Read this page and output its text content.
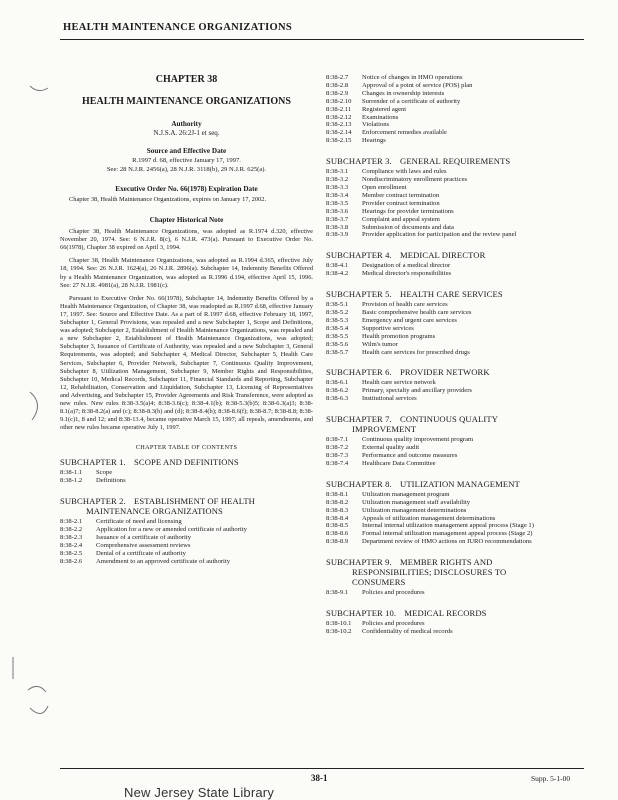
HEALTH MAINTENANCE ORGANIZATIONS
CHAPTER 38
HEALTH MAINTENANCE ORGANIZATIONS
Authority
N.J.S.A. 26:2J-1 et seq.
Source and Effective Date
R.1997 d. 68, effective January 17, 1997.
See: 28 N.J.R. 2456(a), 28 N.J.R. 3118(b), 29 N.J.R. 625(a).
Executive Order No. 66(1978) Expiration Date
Chapter 38, Health Maintenance Organizations, expires on January 17, 2002.
Chapter Historical Note
Chapter 38, Health Maintenance Organizations, was adopted as R.1974 d.320, effective November 20, 1974. See: 6 N.J.R. 8(c), 6 N.J.R. 473(a). Pursuant to Executive Order No. 66(1978), Chapter 38 expired on April 3, 1994.
Chapter 38, Health Maintenance Organizations, was adopted as R.1994 d.365, effective July 18, 1994. See: 26 N.J.R. 1624(a), 26 N.J.R. 2896(a). Subchapter 14, Indemnity Benefits Offered by a Health Maintenance Organization, was adopted as R.1996 d.194, effective April 15, 1996. See: 27 N.J.R. 4981(a), 28 N.J.R. 1981(c).
Pursuant to Executive Order No. 66(1978), Subchapter 14, Indemnity Benefits Offered by a Health Maintenance Organization, of Chapter 38, was readopted as R.1997 d.68, effective January 17, 1997. See: Source and Effective Date. As a part of R.1997 d.68, effective February 18, 1997, Subchapter 1, General Provisions, was repealed and a new Subchapter 1, Scope and Definitions, was adopted; Subchapter 2, Establishment of Health Maintenance Organizations, was repealed and a new Subchapter 2, Establishment of Health Maintenance Organizations, was adopted; Subchapter 3, Issuance of Certificate of Authority, was repealed and a new Subchapter 3, General Requirements, was adopted; and Subchapter 4, Medical Director, Subchapter 5, Health Care Services, Subchapter 6, Provider Network, Subchapter 7, Continuous Quality Improvement, Subchapter 8, Utilization Management, Subchapter 9, Member Rights and Responsibilities, Subchapter 10, Medical Records, Subchapter 11, Financial Standards and Reporting, Subchapter 12, Rehabilitation, Conservation and Liquidation, Subchapter 13, Licensing of Representatives and Advertising, and Subchapter 15, Provider Agreements and Risk Transference, were adopted as new rules. New rules 8:38-3.5(a)4; 8:38-3.6(c); 8:38-4.1(b); 8:38-5.3(b)5; 8:38-6.3(a)3; 8:38-8.1(a)7; 8:38-8.2(a) and (c); 8:38-8.3(b) and (d); 8:38-8.4(b); 8:38-8.6(f); 8:38-8.7; 8:38-8.8; 8:38-9.1(c)1, 8 and 12; and 8:38-13.4, became operative March 15, 1997; all repeals, amendments, and other new rules became operative July 1, 1997.
CHAPTER TABLE OF CONTENTS
SUBCHAPTER 1. SCOPE AND DEFINITIONS
8:38-1.1	Scope
8:38-1.2	Definitions
SUBCHAPTER 2. ESTABLISHMENT OF HEALTH
MAINTENANCE ORGANIZATIONS
8:38-2.1	Certificate of need and licensing
8:38-2.2	Application for a new or amended certificate of authority
8:38-2.3	Issuance of a certificate of authority
8:38-2.4	Comprehensive assessment reviews
8:38-2.5	Denial of a certificate of authority
8:38-2.6	Amendment to an approved certificate of authority
8:38-2.7	Notice of changes in HMO operations
8:38-2.8	Approval of a point of service (POS) plan
8:38-2.9	Changes in ownership interests
8:38-2.10	Surrender of a certificate of authority
8:38-2.11	Registered agent
8:38-2.12	Examinations
8:38-2.13	Violations
8:38-2.14	Enforcement remedies available
8:38-2.15	Hearings
SUBCHAPTER 3. GENERAL REQUIREMENTS
8:38-3.1	Compliance with laws and rules
8:38-3.2	Nondiscriminatory enrollment practices
8:38-3.3	Open enrollment
8:38-3.4	Member contract termination
8:38-3.5	Provider contract termination
8:38-3.6	Hearings for provider terminations
8:38-3.7	Complaint and appeal system
8:38-3.8	Submission of documents and data
8:38-3.9	Provider application for participation and the review panel
SUBCHAPTER 4. MEDICAL DIRECTOR
8:38-4.1	Designation of a medical director
8:38-4.2	Medical director's responsibilities
SUBCHAPTER 5. HEALTH CARE SERVICES
8:38-5.1	Provision of health care services
8:38-5.2	Basic comprehensive health care services
8:38-5.3	Emergency and urgent care services
8:38-5.4	Supportive services
8:38-5.5	Health promotion programs
8:38-5.6	Wilm's tumor
8:38-5.7	Health care services for prescribed drugs
SUBCHAPTER 6. PROVIDER NETWORK
8:38-6.1	Health care service network
8:38-6.2	Primary, specialty and ancillary providers
8:38-6.3	Institutional services
SUBCHAPTER 7. CONTINUOUS QUALITY
IMPROVEMENT
8:38-7.1	Continuous quality improvement program
8:38-7.2	External quality audit
8:38-7.3	Performance and outcome measures
8:38-7.4	Healthcare Data Committee
SUBCHAPTER 8. UTILIZATION MANAGEMENT
8:38-8.1	Utilization management program
8:38-8.2	Utilization management staff availability
8:38-8.3	Utilization management determinations
8:38-8.4	Appeals of utilization management determinations
8:38-8.5	Internal internal utilization management appeal process (Stage 1)
8:38-8.6	Formal internal utilization management appeal process (Stage 2)
8:38-8.9	Department review of HMO actions on IURO recommendations
SUBCHAPTER 9. MEMBER RIGHTS AND
RESPONSIBILITIES; DISCLOSURES TO
CONSUMERS
8:38-9.1	Policies and procedures
SUBCHAPTER 10. MEDICAL RECORDS
8:38-10.1	Policies and procedures
8:38-10.2	Confidentiality of medical records
38-1	Supp. 5-1-00
New Jersey State Library
